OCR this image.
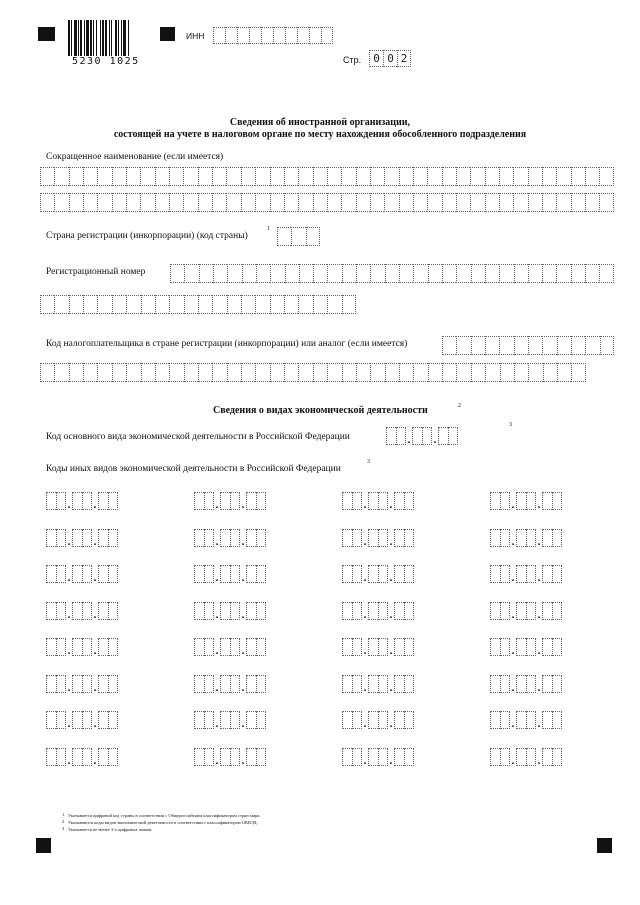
5230 1025
ИНН
Стр.	0 0 2
Сведения об иностранной организации,
состоящей на учете в налоговом органе по месту нахождения обособленного подразделения
Сокращенное наименование (если имеется)
Страна регистрации (инкорпорации) (код страны)
1
Регистрационный номер
Код налогоплательщика в стране регистрации (инкорпорации) или аналог (если имеется)
Сведения о видах экономической деятельности	2
Код основного вида экономической деятельности в Российской Федерации	. .
3
Коды иных видов экономической деятельности в Российской Федерации
3
. .	. .	. .	. .
. .	. .	. .	. .
. .	. .	. .	. .
. .	. .	. .	. .
. .	. .	. .	. .
. .	. .	. .	. .
. .	. .	. .	. .
. .	. .	. .	. .
1 Указывается цифровой код страны в соответствии с Общероссийским классификатором стран мира.
2 Указываются коды видов экономической деятельности в соответствии с классификатором ОКВЭД.
3 Указывается не менее 3-х цифровых знаков.
